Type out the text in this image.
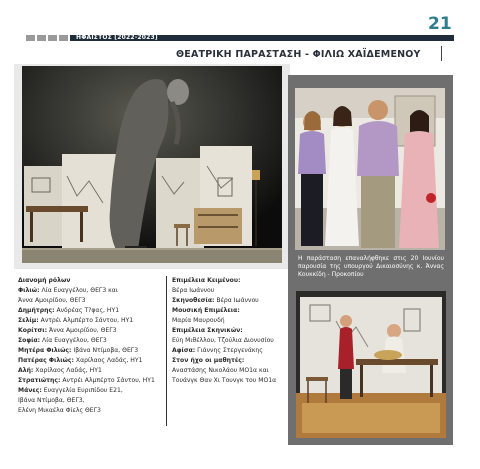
21
ΗΦΑΙΣΤΟΣ [2022-2023]
ΘΕΑΤΡΙΚΗ ΠΑΡΑΣΤΑΣΗ - ΦΙΛΙΩ ΧΑΪΔΕΜΕΝΟΥ
Η παράσταση επαναλήφθηκε στις 20 Ιουνίου παρουσία της υπουργού Δικαιοσύνης κ. Άννας Κουκκίδη - Προκοπίου
Διανομή ρόλων
Φιλιώ: Λία Ευαγγέλου, ΘΕΓ3 και
Άννα Αμοιρίδου, ΘΕΓ3
Δημήτρης: Ανδρέας Τ?φας, ΗΥ1
Σελίμ: Αντρέι Αλμπέρτο Σάντου, ΗΥ1
Κορίτσι: Άννα Αμοιρίδου, ΘΕΓ3
Σοφία: Λία Ευαγγέλου, ΘΕΓ3
Μητέρα Φιλιώς: Ιβάνα Ντίμοβα, ΘΕΓ3
Πατέρας Φιλιώς: Χαρίλαος Λαδάς, ΗΥ1
Αλή: Χαρίλαος Λαδάς, ΗΥ1
Στρατιώτης: Αντρέι Αλμπέρτο Σάντου, ΗΥ1
Μάνες: Ευαγγελία Ευριπίδου Ε21,
Ιβάνα Ντίμοβα, ΘΕΓ3,
Ελένη Μικαέλα Φίελς ΘΕΓ3
Επιμέλεια Κειμένου:
Βέρα Ιωάννου
Σκηνοθεσία: Βέρα Ιωάννου
Μουσική Επιμέλεια:
Μαρία Μαυρουδή
Επιμέλεια Σκηνικών:
Εύη Μιθέλλου, Τζούλια Διονυσίου
Αφίσα: Γιάννης Στεργενάκης
Στον ήχο οι μαθητές:
Αναστάσης Νικολάου ΜΟ1α και
Τουάνγκ Θαν Χι Τουνγκ του ΜΟ1α
